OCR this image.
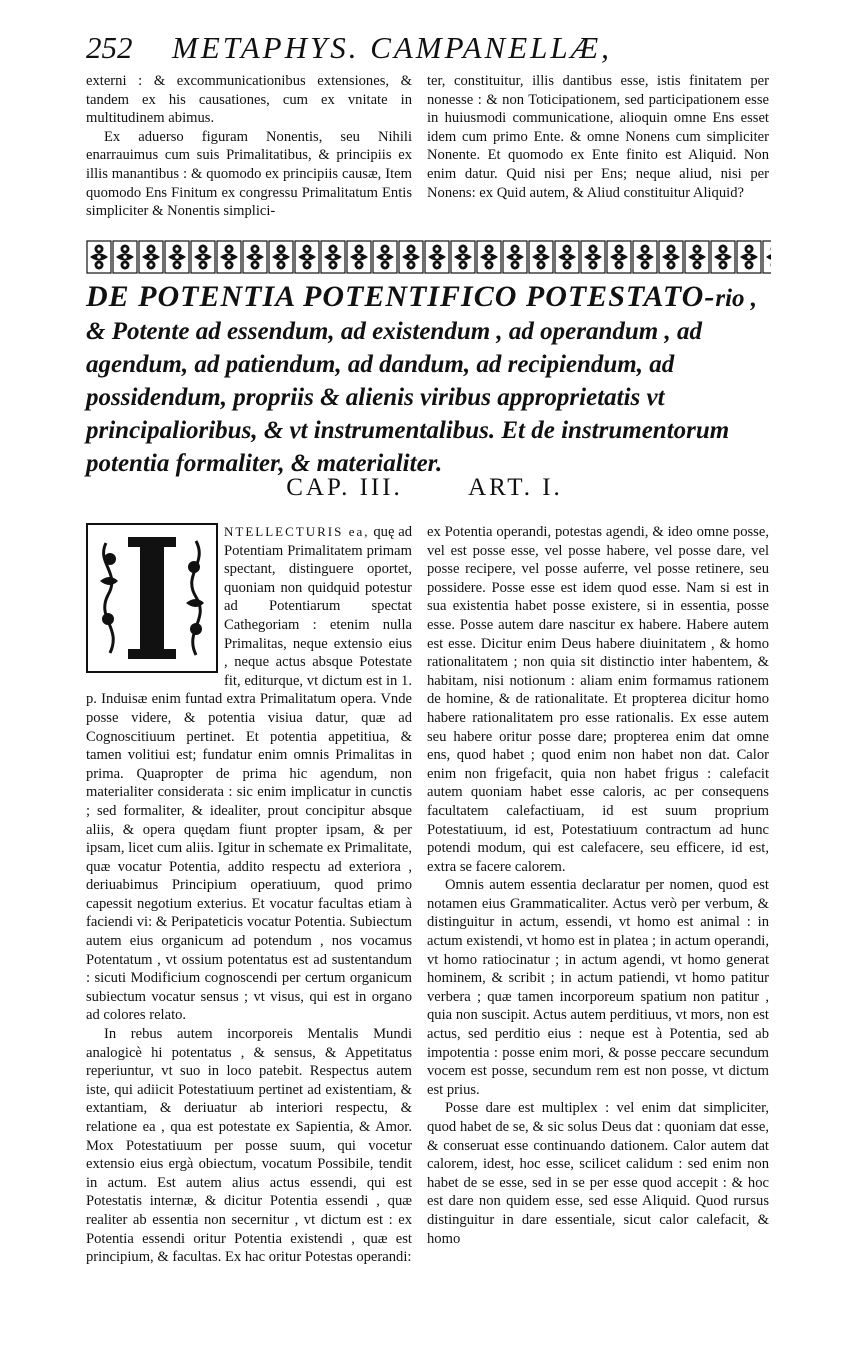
252 METAPHYS. CAMPANELLÆ,

externi : & excommunicationibus extensiones, & tandem ex his causationes, cum ex vnitate in multitudinem abimus.

Ex aduerso figuram Nonentis, seu Nihili enarrauimus cum suis Primalitatibus, & principiis ex illis manantibus : & quomodo ex principiis causæ, Item quomodo Ens Finitum ex congressu Primalitatum Entis simpliciter & Nonentis simplici-

ter, constituitur, illis dantibus esse, istis finitatem per nonesse : & non Toticipationem, sed participationem esse in huiusmodi communicatione, alioquin omne Ens esset idem cum primo Ente. & omne Nonens cum simpliciter Nonente. Et quomodo ex Ente finito est Aliquid. Non enim datur. Quid nisi per Ens; neque aliud, nisi per Nonens: ex Quid autem, & Aliud constituitur Aliquid?

DE POTENTIA POTENTIFICO POTESTATO-rio , & Potente ad essendum, ad existendum , ad operandum , ad agendum, ad patiendum, ad dandum, ad recipiendum, ad possidendum, propriis & alienis viribus approprietatis vt principalioribus, & vt instrumentalibus. Et de instrumentorum potentia formaliter, & materialiter.
CAP. III.	ART. I.

NTELLECTURIS ea, quę ad Potentiam Primalitatem primam spectant, distinguere oportet, quoniam non quidquid potestur ad Potentiarum spectat Cathegoriam : etenim nulla Primalitas, neque extensio eius , neque actus absque Potestate fit, editurque, vt dictum est in 1. p. Induisæ enim funtad extra Primalitatum opera. Vnde posse videre, & potentia visiua datur, quæ ad Cognoscitiuum pertinet. Et potentia appetitiua, & tamen volitiui est; fundatur enim omnis Primalitas in prima. Quapropter de prima hic agendum, non materialiter considerata : sic enim implicatur in cunctis ; sed formaliter, & idealiter, prout concipitur absque aliis, & opera quędam fiunt propter ipsam, & per ipsam, licet cum aliis. Igitur in schemate ex Primalitate, quæ vocatur Potentia, addito respectu ad exteriora , deriuabimus Principium operatiuum, quod primo capessit negotium exterius. Et vocatur facultas etiam à faciendi vi: & Peripateticis vocatur Potentia. Subiectum autem eius organicum ad potendum , nos vocamus Potentatum , vt ossium potentatus est ad sustentandum : sicuti Modificium cognoscendi per certum organicum subiectum vocatur sensus ; vt visus, qui est in organo ad colores relato.

In rebus autem incorporeis Mentalis Mundi analogicè hi potentatus , & sensus, & Appetitatus reperiuntur, vt suo in loco patebit. Respectus autem iste, qui adiicit Potestatiuum pertinet ad existentiam, & extantiam, & deriuatur ab interiori respectu, & relatione ea , qua est potestate ex Sapientia, & Amor. Mox Potestatiuum per posse suum, qui vocetur extensio eius ergà obiectum, vocatum Possibile, tendit in actum. Est autem alius actus essendi, qui est Potestatis internæ, & dicitur Potentia essendi , quæ realiter ab essentia non secernitur , vt dictum est : ex Potentia essendi oritur Potentia existendi , quæ est principium, & facultas. Ex hac oritur Potestas operandi:

ex Potentia operandi, potestas agendi, & ideo omne posse, vel est posse esse, vel posse habere, vel posse dare, vel posse recipere, vel posse auferre, vel posse retinere, seu possidere. Posse esse est idem quod esse. Nam si est in sua existentia habet posse existere, si in essentia, posse esse. Posse autem dare nascitur ex habere. Habere autem est esse. Dicitur enim Deus habere diuinitatem , & homo rationalitatem ; non quia sit distinctio inter habentem, & habitam, nisi notionum : aliam enim formamus rationem de homine, & de rationalitate. Et propterea dicitur homo habere rationalitatem pro esse rationalis. Ex esse autem seu habere oritur posse dare; propterea enim dat omne ens, quod habet ; quod enim non habet non dat. Calor enim non frigefacit, quia non habet frigus : calefacit autem quoniam habet esse caloris, ac per consequens facultatem calefactiuam, id est suum proprium Potestatiuum, id est, Potestatiuum contractum ad hunc potendi modum, qui est calefacere, seu efficere, id est, extra se facere calorem.

Omnis autem essentia declaratur per nomen, quod est notamen eius Grammaticaliter. Actus verò per verbum, & distinguitur in actum, essendi, vt homo est animal : in actum existendi, vt homo est in platea ; in actum operandi, vt homo ratiocinatur ; in actum agendi, vt homo generat hominem, & scribit ; in actum patiendi, vt homo patitur verbera ; quæ tamen incorporeum spatium non patitur , quia non suscipit. Actus autem perditiuus, vt mors, non est actus, sed perditio eius : neque est à Potentia, sed ab impotentia : posse enim mori, & posse peccare secundum vocem est posse, secundum rem est non posse, vt dictum est prius.

Posse dare est multiplex : vel enim dat simpliciter, quod habet de se, & sic solus Deus dat : quoniam dat esse, & conseruat esse continuando dationem. Calor autem dat calorem, idest, hoc esse, scilicet calidum : sed enim non habet de se esse, sed in se per esse quod accepit : & hoc est dare non quidem esse, sed esse Aliquid. Quod rursus distinguitur in dare essentiale, sicut calor calefacit, & homo
